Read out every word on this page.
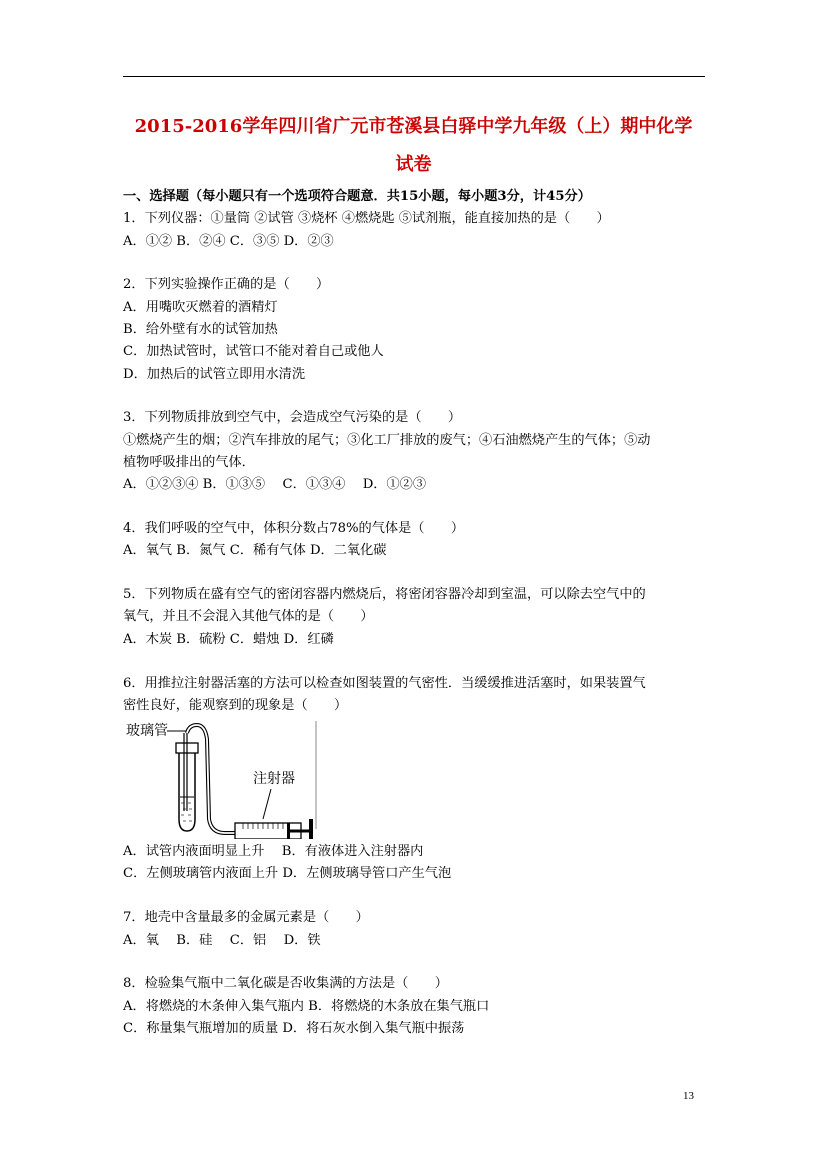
2015-2016学年四川省广元市苍溪县白驿中学九年级（上）期中化学
试卷
一、选择题（每小题只有一个选项符合题意．共15小题，每小题3分，计45分）
1．下列仪器：①量筒 ②试管 ③烧杯 ④燃烧匙 ⑤试剂瓶，能直接加热的是（　　）
A．①② B．②④ C．③⑤ D．②③
2．下列实验操作正确的是（　　）
A．用嘴吹灭燃着的酒精灯
B．给外壁有水的试管加热
C．加热试管时，试管口不能对着自己或他人
D．加热后的试管立即用水清洗
3．下列物质排放到空气中，会造成空气污染的是（　　）
①燃烧产生的烟；②汽车排放的尾气；③化工厂排放的废气；④石油燃烧产生的气体；⑤动
植物呼吸排出的气体．
A．①②③④ B．①③⑤　 C．①③④　 D．①②③
4．我们呼吸的空气中，体积分数占78%的气体是（　　）
A．氧气 B．氮气 C．稀有气体 D．二氧化碳
5．下列物质在盛有空气的密闭容器内燃烧后，将密闭容器冷却到室温，可以除去空气中的
氧气，并且不会混入其他气体的是（　　）
A．木炭 B．硫粉 C．蜡烛 D．红磷
6．用推拉注射器活塞的方法可以检查如图装置的气密性．当缓缓推进活塞时，如果装置气
密性良好，能观察到的现象是（　　）
玻璃管
注射器
A．试管内液面明显上升　 B．有液体进入注射器内
C．左侧玻璃管内液面上升 D．左侧玻璃导管口产生气泡
7．地壳中含量最多的金属元素是（　　）
A．氧　 B．硅　 C．铝　 D．铁
8．检验集气瓶中二氧化碳是否收集满的方法是（　　）
A．将燃烧的木条伸入集气瓶内 B．将燃烧的木条放在集气瓶口
C．称量集气瓶增加的质量 D．将石灰水倒入集气瓶中振荡
13
